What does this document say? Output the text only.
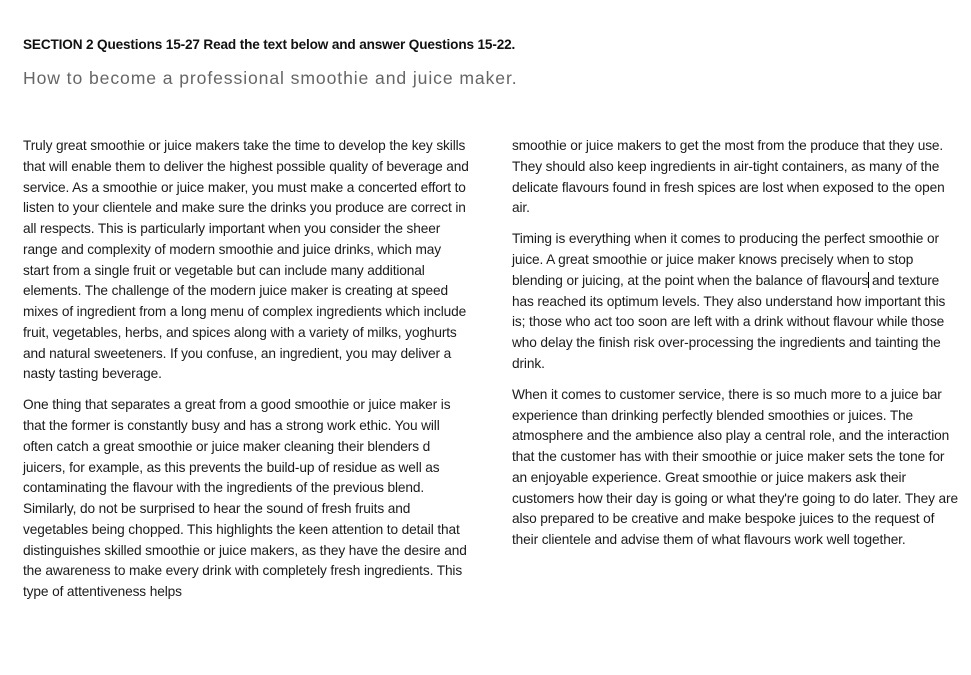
SECTION 2 Questions 15-27 Read the text below and answer Questions 15-22.
How to become a professional smoothie and juice maker.

Truly great smoothie or juice makers take the time to develop the key skills that will enable them to deliver the highest possible quality of beverage and service. As a smoothie or juice maker, you must make a concerted effort to listen to your clientele and make sure the drinks you produce are correct in all respects. This is particularly important when you consider the sheer range and complexity of modern smoothie and juice drinks, which may start from a single fruit or vegetable but can include many additional elements. The challenge of the modern juice maker is creating at speed mixes of ingredient from a long menu of complex ingredients which include fruit, vegetables, herbs, and spices along with a variety of milks, yoghurts and natural sweeteners. If you confuse, an ingredient, you may deliver a nasty tasting beverage.

One thing that separates a great from a good smoothie or juice maker is that the former is constantly busy and has a strong work ethic. You will often catch a great smoothie or juice maker cleaning their blenders d juicers, for example, as this prevents the build-up of residue as well as contaminating the flavour with the ingredients of the previous blend. Similarly, do not be surprised to hear the sound of fresh fruits and vegetables being chopped. This highlights the keen attention to detail that distinguishes skilled smoothie or juice makers, as they have the desire and the awareness to make every drink with completely fresh ingredients. This type of attentiveness helps

smoothie or juice makers to get the most from the produce that they use. They should also keep ingredients in air-tight containers, as many of the delicate flavours found in fresh spices are lost when exposed to the open air.

Timing is everything when it comes to producing the perfect smoothie or juice. A great smoothie or juice maker knows precisely when to stop blending or juicing, at the point when the balance of flavours and texture has reached its optimum levels. They also understand how important this is; those who act too soon are left with a drink without flavour while those who delay the finish risk over-processing the ingredients and tainting the drink.

When it comes to customer service, there is so much more to a juice bar experience than drinking perfectly blended smoothies or juices. The atmosphere and the ambience also play a central role, and the interaction that the customer has with their smoothie or juice maker sets the tone for an enjoyable experience. Great smoothie or juice makers ask their customers how their day is going or what they're going to do later. They are also prepared to be creative and make bespoke juices to the request of their clientele and advise them of what flavours work well together.
